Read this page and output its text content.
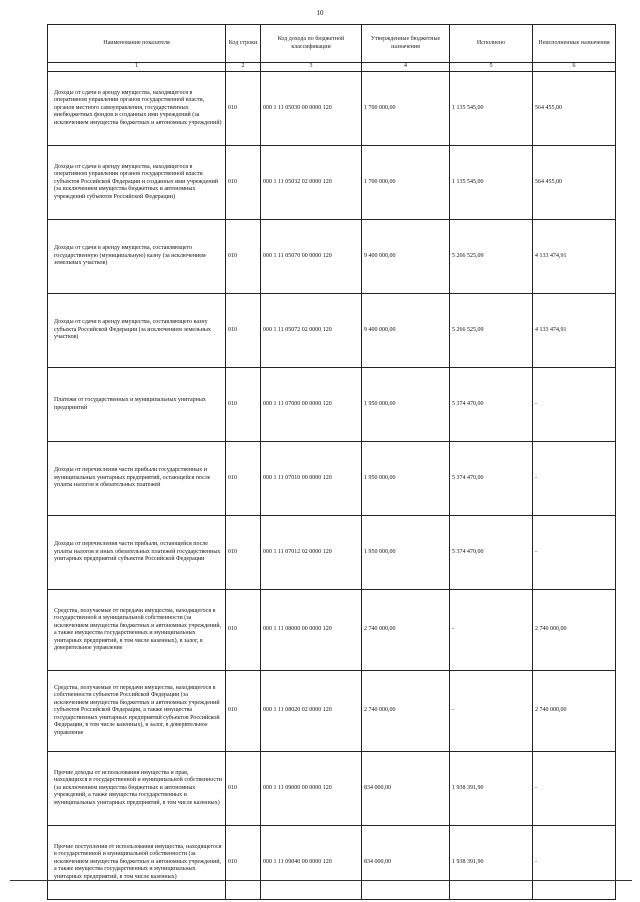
10
Наименование показателя	Код строки	Код дохода по бюджетной классификации	Утвержденные бюджетные назначения	Исполнено	Неисполненные назначения
1	2	3	4	5	6
Доходы от сдачи в аренду имущества, находящегося в оперативном управлении органов государственной власти, органов местного самоуправления, государственных внебюджетных фондов и созданных ими учреждений (за исключением имущества бюджетных и автономных учреждений)	010	000 1 11 05030 00 0000 120	1 700 000,00	1 135 545,00	564 455,00
Доходы от сдачи в аренду имущества, находящегося в оперативном управлении органов государственной власти субъектов Российской Федерации и созданных ими учреждений (за исключением имущества бюджетных и автономных учреждений субъектов Российской Федерации)	010	000 1 11 05032 02 0000 120	1 700 000,00	1 135 545,00	564 455,00
Доходы от сдачи в аренду имущества, составляющего государственную (муниципальную) казну (за исключением земельных участков)	010	000 1 11 05070 00 0000 120	9 400 000,00	5 266 525,09	4 133 474,91
Доходы от сдачи в аренду имущества, составляющего казну субъекта Российской Федерации (за исключением земельных участков)	010	000 1 11 05072 02 0000 120	9 400 000,00	5 266 525,09	4 133 474,91
Платежи от государственных и муниципальных унитарных предприятий	010	000 1 11 07000 00 0000 120	1 950 000,00	5 374 470,00	-
Доходы от перечисления части прибыли государственных и муниципальных унитарных предприятий, остающейся после уплаты налогов и обязательных платежей	010	000 1 11 07010 00 0000 120	1 950 000,00	5 374 470,00	-
Доходы от перечисления части прибыли, остающейся после уплаты налогов и иных обязательных платежей государственных унитарных предприятий субъектов Российской Федерации	010	000 1 11 07012 02 0000 120	1 950 000,00	5 374 470,00	-
Средства, получаемые от передачи имущества, находящегося в государственной и муниципальной собственности (за исключением имущества бюджетных и автономных учреждений, а также имущества государственных и муниципальных унитарных предприятий, в том числе казенных), в залог, в доверительное управление	010	000 1 11 08000 00 0000 120	2 740 000,00	-	2 740 000,00
Средства, получаемые от передачи имущества, находящегося в собственности субъектов Российской Федерации (за исключением имущества бюджетных и автономных учреждений субъектов Российской Федерации, а также имущества государственных унитарных предприятий субъектов Российской Федерации, в том числе казенных), в залог, в доверительное управление	010	000 1 11 08020 02 0000 120	2 740 000,00	-	2 740 000,00
Прочие доходы от использования имущества и прав, находящихся в государственной и муниципальной собственности (за исключением имущества бюджетных и автономных учреждений, а также имущества государственных и муниципальных унитарных предприятий, в том числе казенных)	010	000 1 11 09000 00 0000 120	834 000,00	1 938 391,90	-
Прочие поступления от использования имущества, находящегося в государственной и муниципальной собственности (за исключением имущества бюджетных и автономных учреждений, а также имущества государственных и муниципальных унитарных предприятий, в том числе казенных)	010	000 1 11 09040 00 0000 120	834 000,00	1 938 391,90	-
